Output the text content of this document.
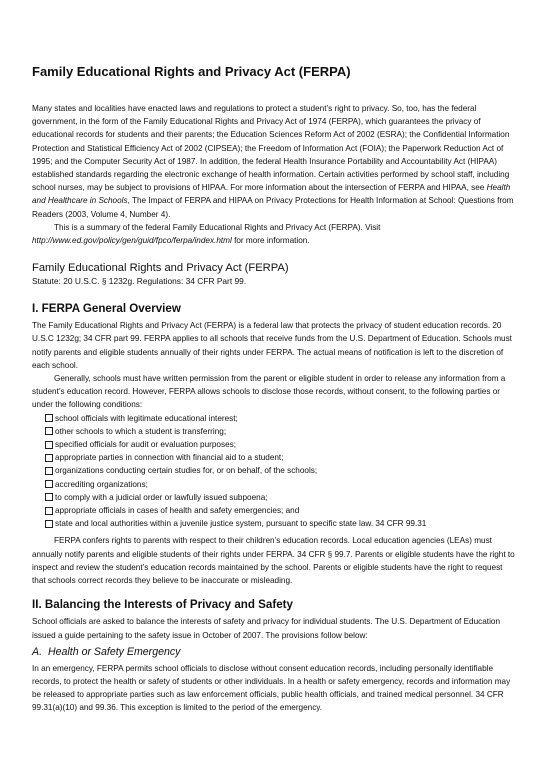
Family Educational Rights and Privacy Act (FERPA)

Many states and localities have enacted laws and regulations to protect a student’s right to privacy. So, too, has the federal government, in the form of the Family Educational Rights and Privacy Act of 1974 (FERPA), which guarantees the privacy of educational records for students and their parents; the Education Sciences Reform Act of 2002 (ESRA); the Confidential Information Protection and Statistical Efficiency Act of 2002 (CIPSEA); the Freedom of Information Act (FOIA); the Paperwork Reduction Act of 1995; and the Computer Security Act of 1987. In addition, the federal Health Insurance Portability and Accountability Act (HIPAA) established standards regarding the electronic exchange of health information. Certain activities performed by school staff, including school nurses, may be subject to provisions of HIPAA. For more information about the intersection of FERPA and HIPAA, see Health and Healthcare in Schools, The Impact of FERPA and HIPAA on Privacy Protections for Health Information at School: Questions from Readers (2003, Volume 4, Number 4).

This is a summary of the federal Family Educational Rights and Privacy Act (FERPA). Visit http://www.ed.gov/policy/gen/guid/fpco/ferpa/index.html for more information.

Family Educational Rights and Privacy Act (FERPA)

Statute: 20 U.S.C. § 1232g. Regulations: 34 CFR Part 99.

I. FERPA General Overview

The Family Educational Rights and Privacy Act (FERPA) is a federal law that protects the privacy of student education records. 20 U.S.C 1232g; 34 CFR part 99. FERPA applies to all schools that receive funds from the U.S. Department of Education. Schools must notify parents and eligible students annually of their rights under FERPA. The actual means of notification is left to the discretion of each school.

Generally, schools must have written permission from the parent or eligible student in order to release any information from a student’s education record. However, FERPA allows schools to disclose those records, without consent, to the following parties or under the following conditions:

school officials with legitimate educational interest;
other schools to which a student is transferring;
specified officials for audit or evaluation purposes;
appropriate parties in connection with financial aid to a student;
organizations conducting certain studies for, or on behalf, of the schools;
accrediting organizations;
to comply with a judicial order or lawfully issued subpoena;
appropriate officials in cases of health and safety emergencies; and
state and local authorities within a juvenile justice system, pursuant to specific state law. 34 CFR 99.31

FERPA confers rights to parents with respect to their children’s education records. Local education agencies (LEAs) must annually notify parents and eligible students of their rights under FERPA. 34 CFR § 99.7. Parents or eligible students have the right to inspect and review the student’s education records maintained by the school. Parents or eligible students have the right to request that schools correct records they believe to be inaccurate or misleading.

II. Balancing the Interests of Privacy and Safety

School officials are asked to balance the interests of safety and privacy for individual students. The U.S. Department of Education issued a guide pertaining to the safety issue in October of 2007. The provisions follow below:

A. Health or Safety Emergency

In an emergency, FERPA permits school officials to disclose without consent education records, including personally identifiable records, to protect the health or safety of students or other individuals. In a health or safety emergency, records and information may be released to appropriate parties such as law enforcement officials, public health officials, and trained medical personnel. 34 CFR 99.31(a)(10) and 99.36. This exception is limited to the period of the emergency.
